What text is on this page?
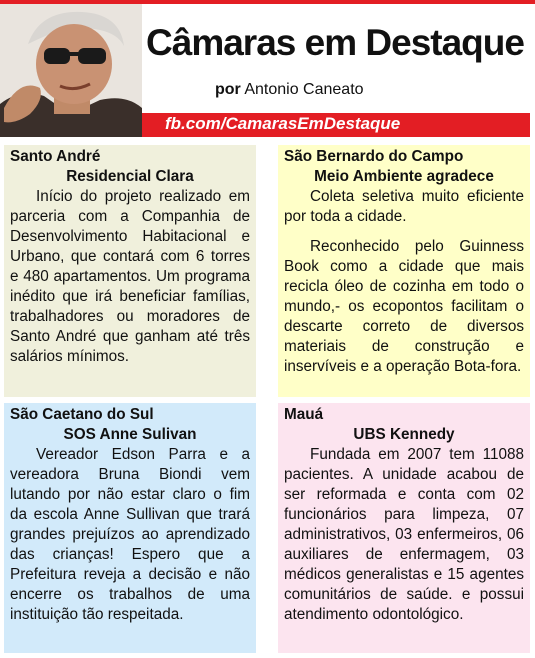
Câmaras em Destaque
por Antonio Caneato
fb.com/CamarasEmDestaque
Santo André
Residencial Clara

Início do projeto realizado em parceria com a Companhia de Desenvolvimento Habitacional e Urbano, que contará com 6 torres e 480 apartamentos. Um programa inédito que irá beneficiar famílias, trabalhadores ou moradores de Santo André que ganham até três salários mínimos.

São Bernardo do Campo
Meio Ambiente agradece

Coleta seletiva muito eficiente por toda a cidade.

Reconhecido pelo Guinness Book como a cidade que mais recicla óleo de cozinha em todo o mundo,- os ecopontos facilitam o descarte correto de diversos materiais de construção e inservíveis e a operação Bota-fora.

São Caetano do Sul
SOS Anne Sulivan

Vereador Edson Parra e a vereadora Bruna Biondi vem lutando por não estar claro o fim da escola Anne Sullivan que trará grandes prejuízos ao aprendizado das crianças! Espero que a Prefeitura reveja a decisão e não encerre os trabalhos de uma instituição tão respeitada.

Mauá
UBS Kennedy

Fundada em 2007 tem 11088 pacientes. A unidade acabou de ser reformada e conta com 02 funcionários para limpeza, 07 administrativos, 03 enfermeiros, 06 auxiliares de enfermagem, 03 médicos generalistas e 15 agentes comunitários de saúde. e possui atendimento odontológico.
